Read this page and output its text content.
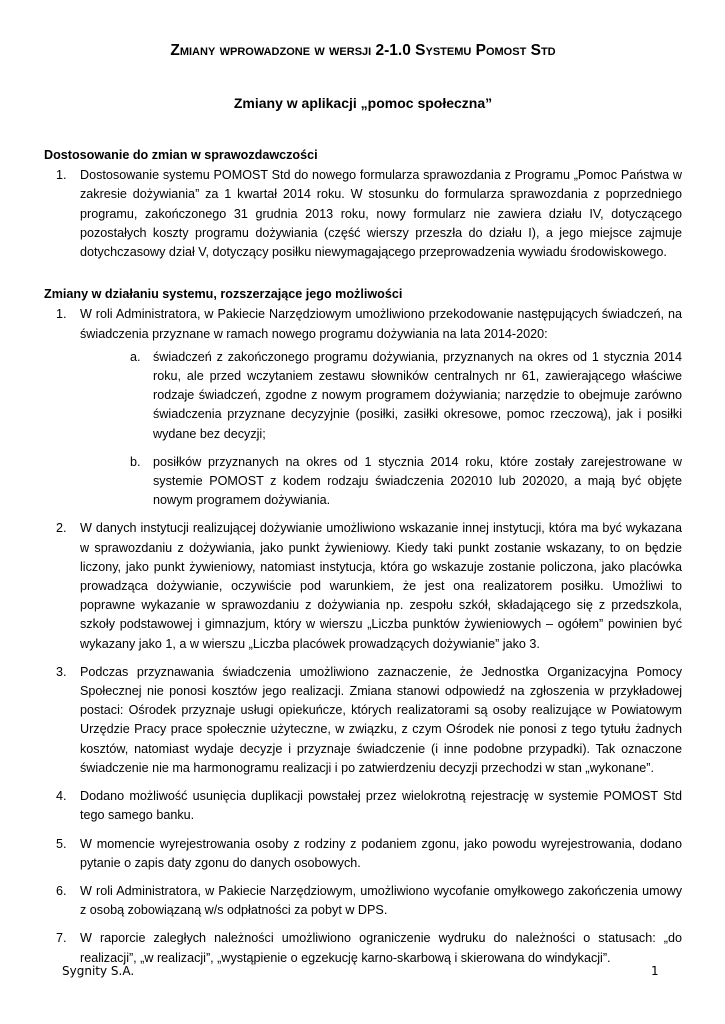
Zmiany wprowadzone w wersji 2-1.0 Systemu Pomost Std
Zmiany w aplikacji „pomoc społeczna”
Dostosowanie do zmian w sprawozdawczości
1. Dostosowanie systemu POMOST Std do nowego formularza sprawozdania z Programu „Pomoc Państwa w zakresie dożywiania” za 1 kwartał 2014 roku. W stosunku do formularza sprawozdania z poprzedniego programu, zakończonego 31 grudnia 2013 roku, nowy formularz nie zawiera działu IV, dotyczącego pozostałych koszty programu dożywiania (część wierszy przeszła do działu I), a jego miejsce zajmuje dotychczasowy dział V, dotyczący posiłku niewymagającego przeprowadzenia wywiadu środowiskowego.
Zmiany w działaniu systemu, rozszerzające jego możliwości
1. W roli Administratora, w Pakiecie Narzędziowym umożliwiono przekodowanie następujących świadczeń, na świadczenia przyznane w ramach nowego programu dożywiania na lata 2014-2020:
a. świadczeń z zakończonego programu dożywiania, przyznanych na okres od 1 stycznia 2014 roku, ale przed wczytaniem zestawu słowników centralnych nr 61, zawierającego właściwe rodzaje świadczeń, zgodne z nowym programem dożywiania; narzędzie to obejmuje zarówno świadczenia przyznane decyzyjnie (posiłki, zasiłki okresowe, pomoc rzeczową), jak i posiłki wydane bez decyzji;
b. posiłków przyznanych na okres od 1 stycznia 2014 roku, które zostały zarejestrowane w systemie POMOST z kodem rodzaju świadczenia 202010 lub 202020, a mają być objęte nowym programem dożywiania.
2. W danych instytucji realizującej dożywianie umożliwiono wskazanie innej instytucji, która ma być wykazana w sprawozdaniu z dożywiania, jako punkt żywieniowy. Kiedy taki punkt zostanie wskazany, to on będzie liczony, jako punkt żywieniowy, natomiast instytucja, która go wskazuje zostanie policzona, jako placówka prowadząca dożywianie, oczywiście pod warunkiem, że jest ona realizatorem posiłku. Umożliwi to poprawne wykazanie w sprawozdaniu z dożywiania np. zespołu szkół, składającego się z przedszkola, szkoły podstawowej i gimnazjum, który w wierszu „Liczba punktów żywieniowych – ogółem” powinien być wykazany jako 1, a w wierszu „Liczba placówek prowadzących dożywianie” jako 3.
3. Podczas przyznawania świadczenia umożliwiono zaznaczenie, że Jednostka Organizacyjna Pomocy Społecznej nie ponosi kosztów jego realizacji. Zmiana stanowi odpowiedź na zgłoszenia w przykładowej postaci: Ośrodek przyznaje usługi opiekuńcze, których realizatorami są osoby realizujące w Powiatowym Urzędzie Pracy prace społecznie użyteczne, w związku, z czym Ośrodek nie ponosi z tego tytułu żadnych kosztów, natomiast wydaje decyzje i przyznaje świadczenie (i inne podobne przypadki). Tak oznaczone świadczenie nie ma harmonogramu realizacji i po zatwierdzeniu decyzji przechodzi w stan „wykonane”.
4. Dodano możliwość usunięcia duplikacji powstałej przez wielokrotną rejestrację w systemie POMOST Std tego samego banku.
5. W momencie wyrejestrowania osoby z rodziny z podaniem zgonu, jako powodu wyrejestrowania, dodano pytanie o zapis daty zgonu do danych osobowych.
6. W roli Administratora, w Pakiecie Narzędziowym, umożliwiono wycofanie omyłkowego zakończenia umowy z osobą zobowiązaną w/s odpłatności za pobyt w DPS.
7. W raporcie zaległych należności umożliwiono ograniczenie wydruku do należności o statusach: „do realizacji”, „w realizacji”, „wystąpienie o egzekucję karno-skarbową i skierowana do windykacji”.
Sygnity S.A.	1
